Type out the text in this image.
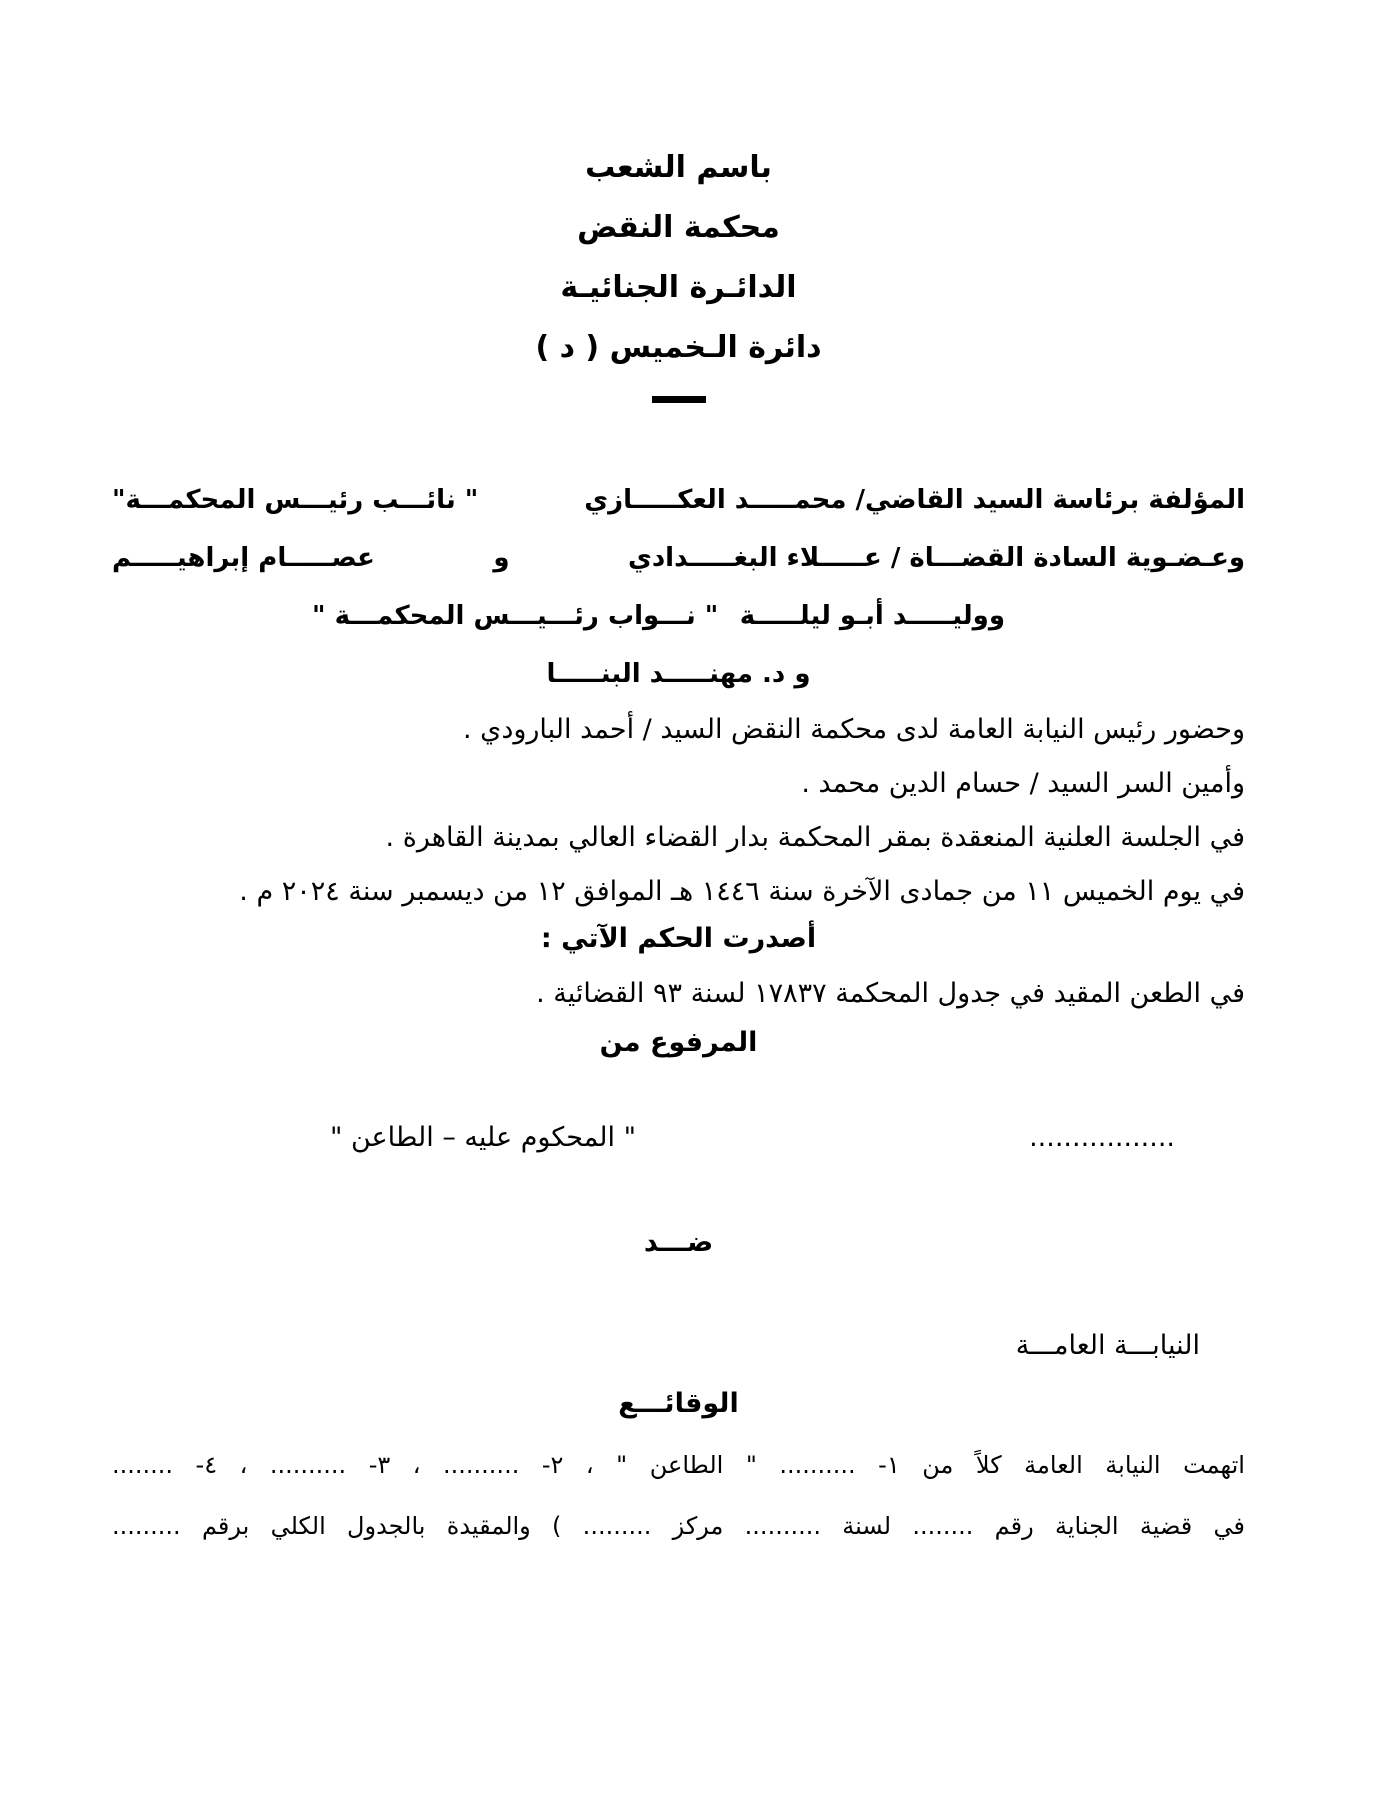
باسم الشعب
محكمة النقض
الدائـرة الجنائيـة
دائرة الـخميس ( د )
المؤلفة برئاسة السيد القاضي/ محمـــــد العكـــــازي
" نائـــب رئيـــس المحكمـــة"
وعـضـوية السادة القضـــاة / عـــــلاء البغـــــدادي
و
عصـــــام إبراهيـــــم
ووليـــــد أبـو ليلـــــة
" نـــواب رئـــيـــس المحكمـــة "
و د. مهنـــــد البنـــــا

وحضور رئيس النيابة العامة لدى محكمة النقض السيد / أحمد البارودي .

وأمين السر السيد / حسام الدين محمد .

في الجلسة العلنية المنعقدة بمقر المحكمة بدار القضاء العالي بمدينة القاهرة .

في يوم الخميس ١١ من جمادى الآخرة سنة ١٤٤٦ هـ الموافق ١٢ من ديسمبر سنة ٢٠٢٤ م .

أصدرت الحكم الآتي :

في الطعن المقيد في جدول المحكمة ١٧٨٣٧ لسنة ٩٣ القضائية .

المرفوع من

.................
" المحكوم عليه – الطاعن "

ضـــد

النيابـــة العامـــة

الوقائـــع

اتهمت النيابة العامة كلاً من ١- .......... " الطاعن " ، ٢- .......... ، ٣- .......... ، ٤- ........

في قضية الجناية رقم ........ لسنة .......... مركز ......... ) والمقيدة بالجدول الكلي برقم .........
